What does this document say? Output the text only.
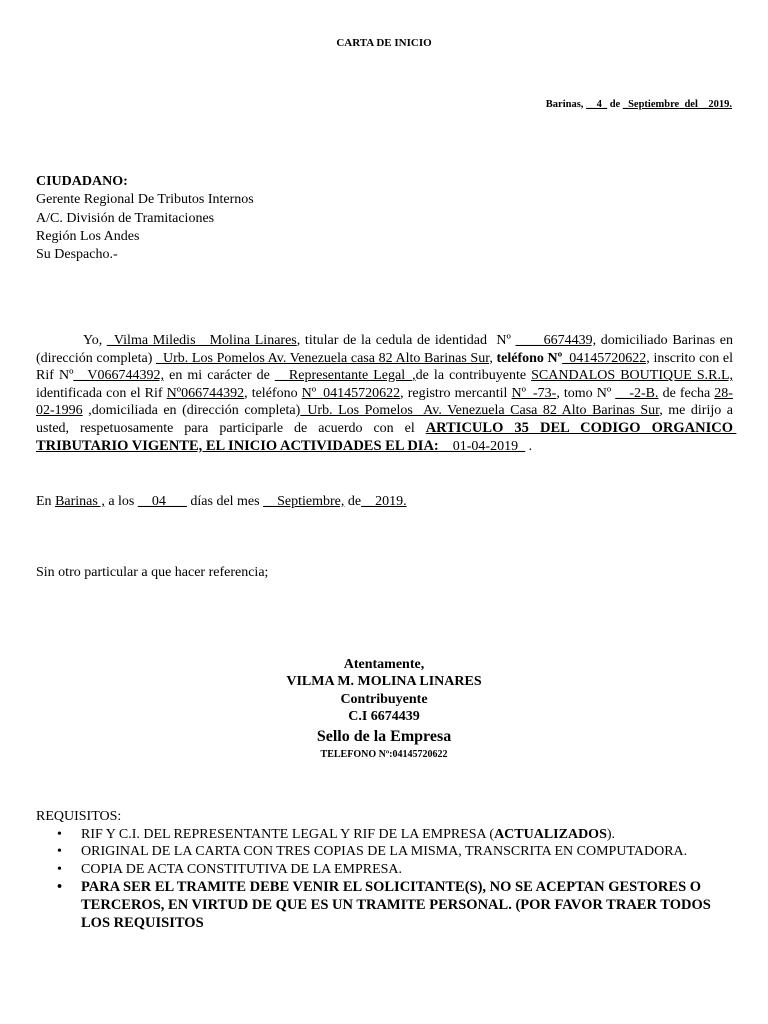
CARTA DE INICIO
Barinas, __4_ de _Septiembre del  _2019.
CIUDADANO:
Gerente Regional De Tributos Internos
A/C. División de Tramitaciones
Región Los Andes
Su Despacho.-
Yo, _Vilma Miledis   Molina Linares, titular de la cedula de identidad  Nº ____6674439, domiciliado Barinas en (dirección completa) _Urb. Los Pomelos Av. Venezuela casa 82 Alto Barinas Sur, teléfono Nº_04145720622, inscrito con el Rif Nº__V066744392, en mi carácter de __Representante Legal_,de la contribuyente SCANDALOS BOUTIQUE S.R.L, identificada con el Rif Nº066744392, teléfono Nº_04145720622, registro mercantil Nº_-73-, tomo Nº __-2-B. de fecha 28-02-1996 ,domiciliada en (dirección completa)_Urb. Los Pomelos  Av. Venezuela Casa 82 Alto Barinas Sur, me dirijo a usted, respetuosamente para participarle de acuerdo con el ARTICULO 35 DEL CODIGO ORGANICO TRIBUTARIO VIGENTE, EL INICIO ACTIVIDADES EL DIA:__01-04-2019_ .
En Barinas , a los __04___ días del mes __Septiembre, de__2019.
Sin otro particular a que hacer referencia;
Atentamente,
VILMA M. MOLINA LINARES
Contribuyente
C.I 6674439
Sello de la Empresa
TELEFONO Nº:04145720622
REQUISITOS:
• RIF Y C.I. DEL REPRESENTANTE LEGAL Y RIF DE LA EMPRESA (ACTUALIZADOS).
• ORIGINAL DE LA CARTA CON TRES COPIAS DE LA MISMA, TRANSCRITA EN COMPUTADORA.
• COPIA DE ACTA CONSTITUTIVA DE LA EMPRESA.
• PARA SER EL TRAMITE DEBE VENIR EL SOLICITANTE(S), NO SE ACEPTAN GESTORES O TERCEROS, EN VIRTUD DE QUE ES UN TRAMITE PERSONAL. (POR FAVOR TRAER TODOS LOS REQUISITOS
